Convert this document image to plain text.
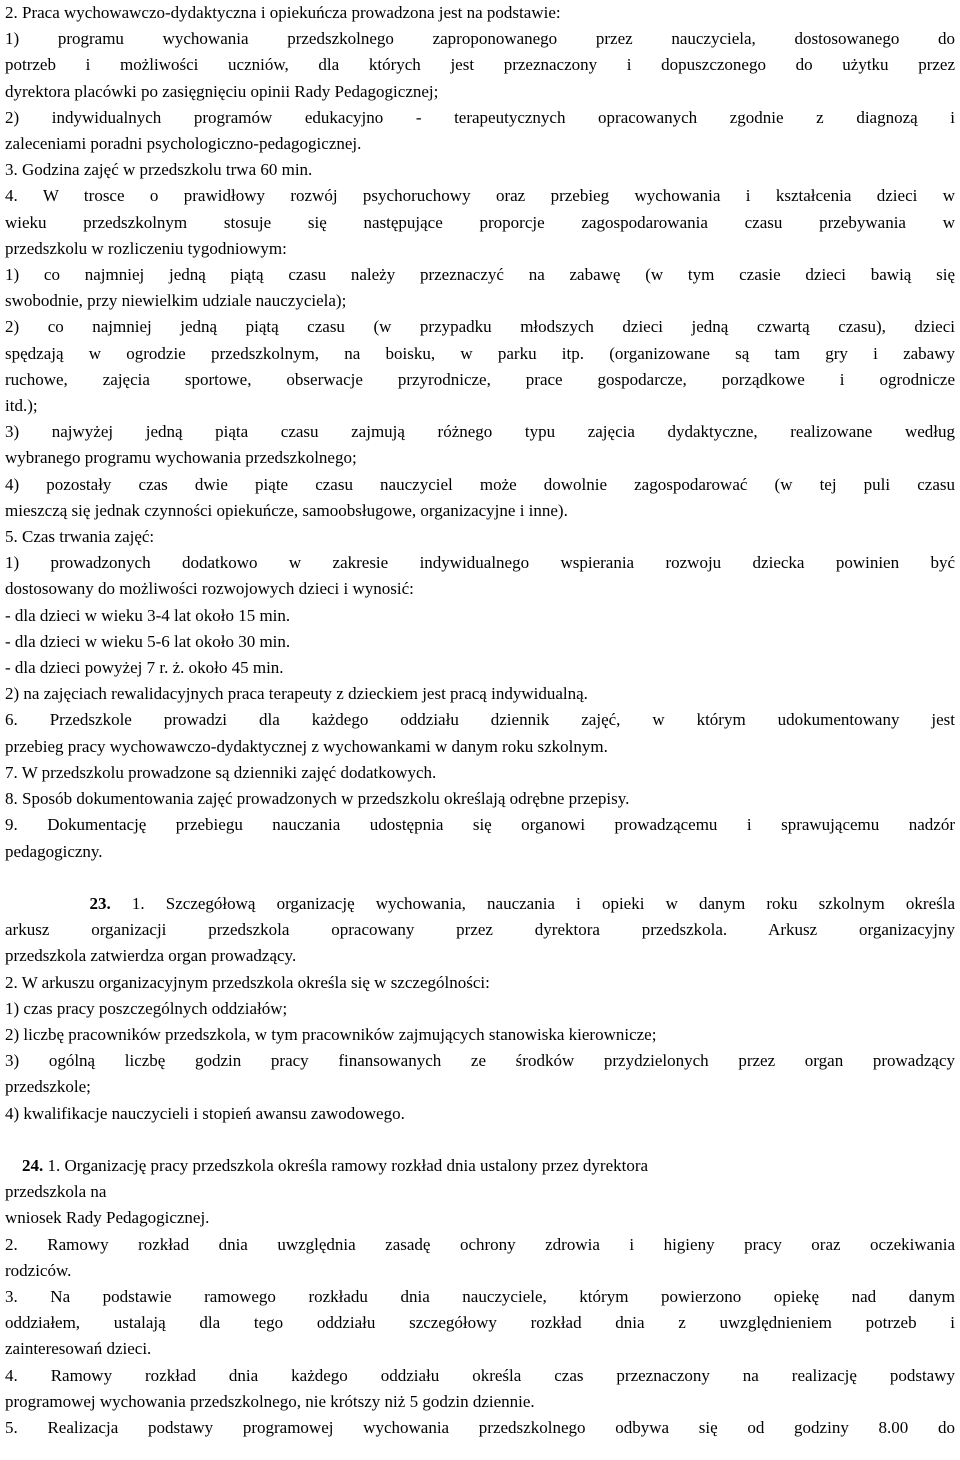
2. Praca wychowawczo-dydaktyczna i opiekuńcza prowadzona jest na podstawie:
1) programu wychowania przedszkolnego zaproponowanego przez nauczyciela, dostosowanego do
potrzeb i możliwości uczniów, dla których jest przeznaczony i dopuszczonego do użytku przez
dyrektora placówki po zasięgnięciu opinii Rady Pedagogicznej;
2) indywidualnych programów edukacyjno - terapeutycznych opracowanych zgodnie z diagnozą i
zaleceniami poradni psychologiczno-pedagogicznej.
3. Godzina zajęć w przedszkolu trwa 60 min.
4. W trosce o prawidłowy rozwój psychoruchowy oraz przebieg wychowania i kształcenia dzieci w
wieku przedszkolnym stosuje się następujące proporcje zagospodarowania czasu przebywania w
przedszkolu w rozliczeniu tygodniowym:
1) co najmniej jedną piątą czasu należy przeznaczyć na zabawę (w tym czasie dzieci bawią się
swobodnie, przy niewielkim udziale nauczyciela);
2) co najmniej jedną piątą czasu (w przypadku młodszych dzieci jedną czwartą czasu), dzieci
spędzają w ogrodzie przedszkolnym, na boisku, w parku itp. (organizowane są tam gry i zabawy
ruchowe, zajęcia sportowe, obserwacje przyrodnicze, prace gospodarcze, porządkowe i ogrodnicze
itd.);
3) najwyżej jedną piąta czasu zajmują różnego typu zajęcia dydaktyczne, realizowane według
wybranego programu wychowania przedszkolnego;
4) pozostały czas dwie piąte czasu nauczyciel może dowolnie zagospodarować (w tej puli czasu
mieszczą się jednak czynności opiekuńcze, samoobsługowe, organizacyjne i inne).
5. Czas trwania zajęć:
1) prowadzonych dodatkowo w zakresie indywidualnego wspierania rozwoju dziecka powinien być
dostosowany do możliwości rozwojowych dzieci i wynosić:
- dla dzieci w wieku 3-4 lat około 15 min.
- dla dzieci w wieku 5-6 lat około 30 min.
- dla dzieci powyżej 7 r. ż. około 45 min.
2) na zajęciach rewalidacyjnych praca terapeuty z dzieckiem jest pracą indywidualną.
6. Przedszkole prowadzi dla każdego oddziału dziennik zajęć, w którym udokumentowany jest
przebieg pracy wychowawczo-dydaktycznej z wychowankami w danym roku szkolnym.
7. W przedszkolu prowadzone są dzienniki zajęć dodatkowych.
8. Sposób dokumentowania zajęć prowadzonych w przedszkolu określają odrębne przepisy.
9. Dokumentację przebiegu nauczania udostępnia się organowi prowadzącemu i sprawującemu nadzór
pedagogiczny.
23. 1. Szczegółową organizację wychowania, nauczania i opieki w danym roku szkolnym określa
arkusz organizacji przedszkola opracowany przez dyrektora przedszkola. Arkusz organizacyjny
przedszkola zatwierdza organ prowadzący.
2. W arkuszu organizacyjnym przedszkola określa się w szczególności:
1) czas pracy poszczególnych oddziałów;
2) liczbę pracowników przedszkola, w tym pracowników zajmujących stanowiska kierownicze;
3) ogólną liczbę godzin pracy finansowanych ze środków przydzielonych przez organ prowadzący
przedszkole;
4) kwalifikacje nauczycieli i stopień awansu zawodowego.
24. 1. Organizację pracy przedszkola określa ramowy rozkład dnia ustalony przez dyrektora
przedszkola na
wniosek Rady Pedagogicznej.
2. Ramowy rozkład dnia uwzględnia zasadę ochrony zdrowia i higieny pracy oraz oczekiwania
rodziców.
3. Na podstawie ramowego rozkładu dnia nauczyciele, którym powierzono opiekę nad danym
oddziałem, ustalają dla tego oddziału szczegółowy rozkład dnia z uwzględnieniem potrzeb i
zainteresowań dzieci.
4. Ramowy rozkład dnia każdego oddziału określa czas przeznaczony na realizację podstawy
programowej wychowania przedszkolnego, nie krótszy niż 5 godzin dziennie.
5. Realizacja podstawy programowej wychowania przedszkolnego odbywa się od godziny 8.00 do
